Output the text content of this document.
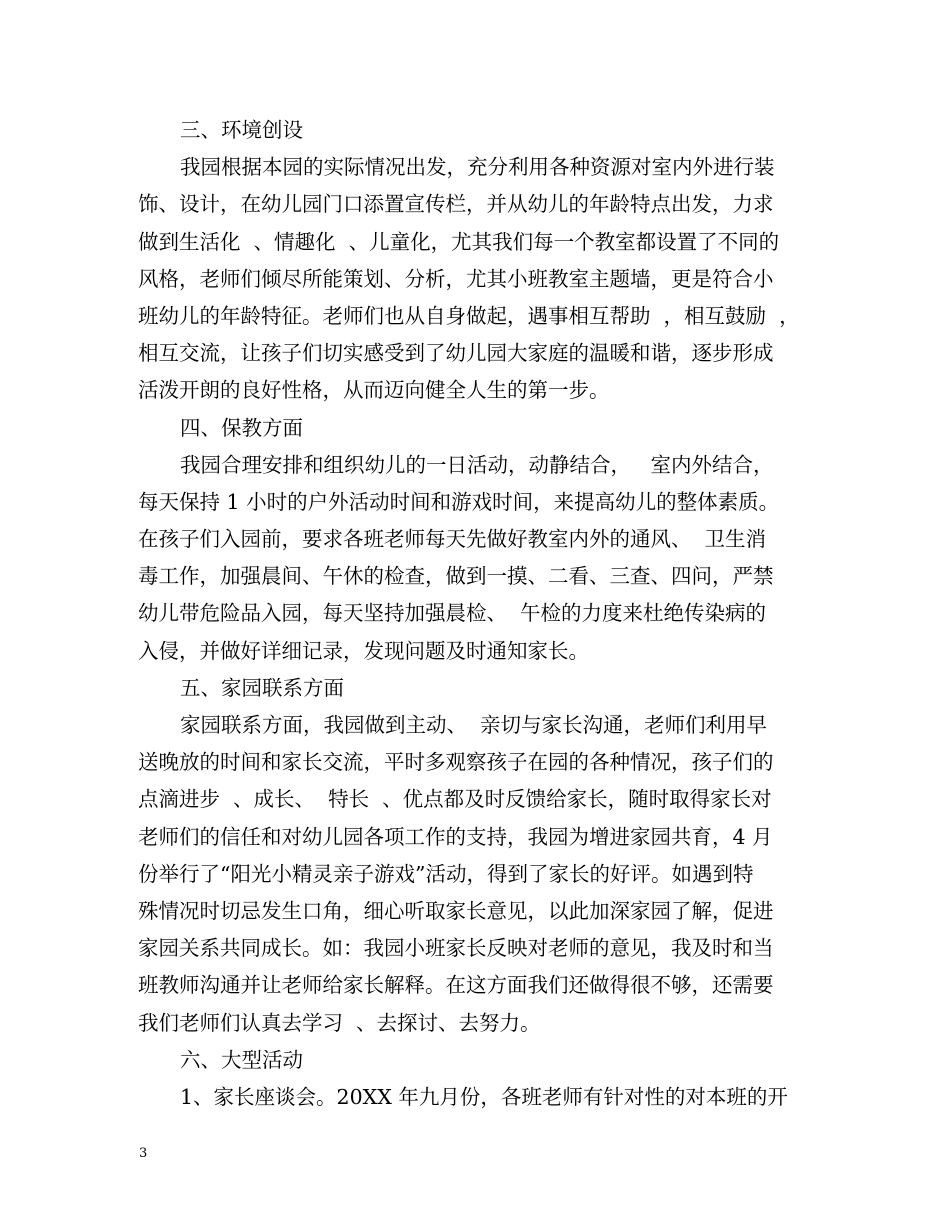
三、环境创设
我园根据本园的实际情况出发，充分利用各种资源对室内外进行装
饰、设计，在幼儿园门口添置宣传栏，并从幼儿的年龄特点出发，力求
做到生活化  、情趣化  、儿童化，尤其我们每一个教室都设置了不同的
风格，老师们倾尽所能策划、分析，尤其小班教室主题墙，更是符合小
班幼儿的年龄特征。老师们也从自身做起，遇事相互帮助  ，相互鼓励  ，
相互交流，让孩子们切实感受到了幼儿园大家庭的温暖和谐，逐步形成
活泼开朗的良好性格，从而迈向健全人生的第一步。
四、保教方面
我园合理安排和组织幼儿的一日活动，动静结合，   室内外结合，
每天保持 1 小时的户外活动时间和游戏时间，来提高幼儿的整体素质。
在孩子们入园前，要求各班老师每天先做好教室内外的通风、  卫生消
毒工作，加强晨间、午休的检查，做到一摸、二看、三查、四问，严禁
幼儿带危险品入园，每天坚持加强晨检、  午检的力度来杜绝传染病的
入侵，并做好详细记录，发现问题及时通知家长。
五、家园联系方面
家园联系方面，我园做到主动、  亲切与家长沟通，老师们利用早
送晚放的时间和家长交流，平时多观察孩子在园的各种情况，孩子们的
点滴进步  、成长、  特长  、优点都及时反馈给家长，随时取得家长对
老师们的信任和对幼儿园各项工作的支持，我园为增进家园共育，4 月
份举行了“阳光小精灵亲子游戏”活动，得到了家长的好评。如遇到特
殊情况时切忌发生口角，细心听取家长意见，以此加深家园了解，促进
家园关系共同成长。如：我园小班家长反映对老师的意见，我及时和当
班教师沟通并让老师给家长解释。在这方面我们还做得很不够，还需要
我们老师们认真去学习  、去探讨、去努力。
六、大型活动
1、家长座谈会。20XX 年九月份，各班老师有针对性的对本班的开
3
